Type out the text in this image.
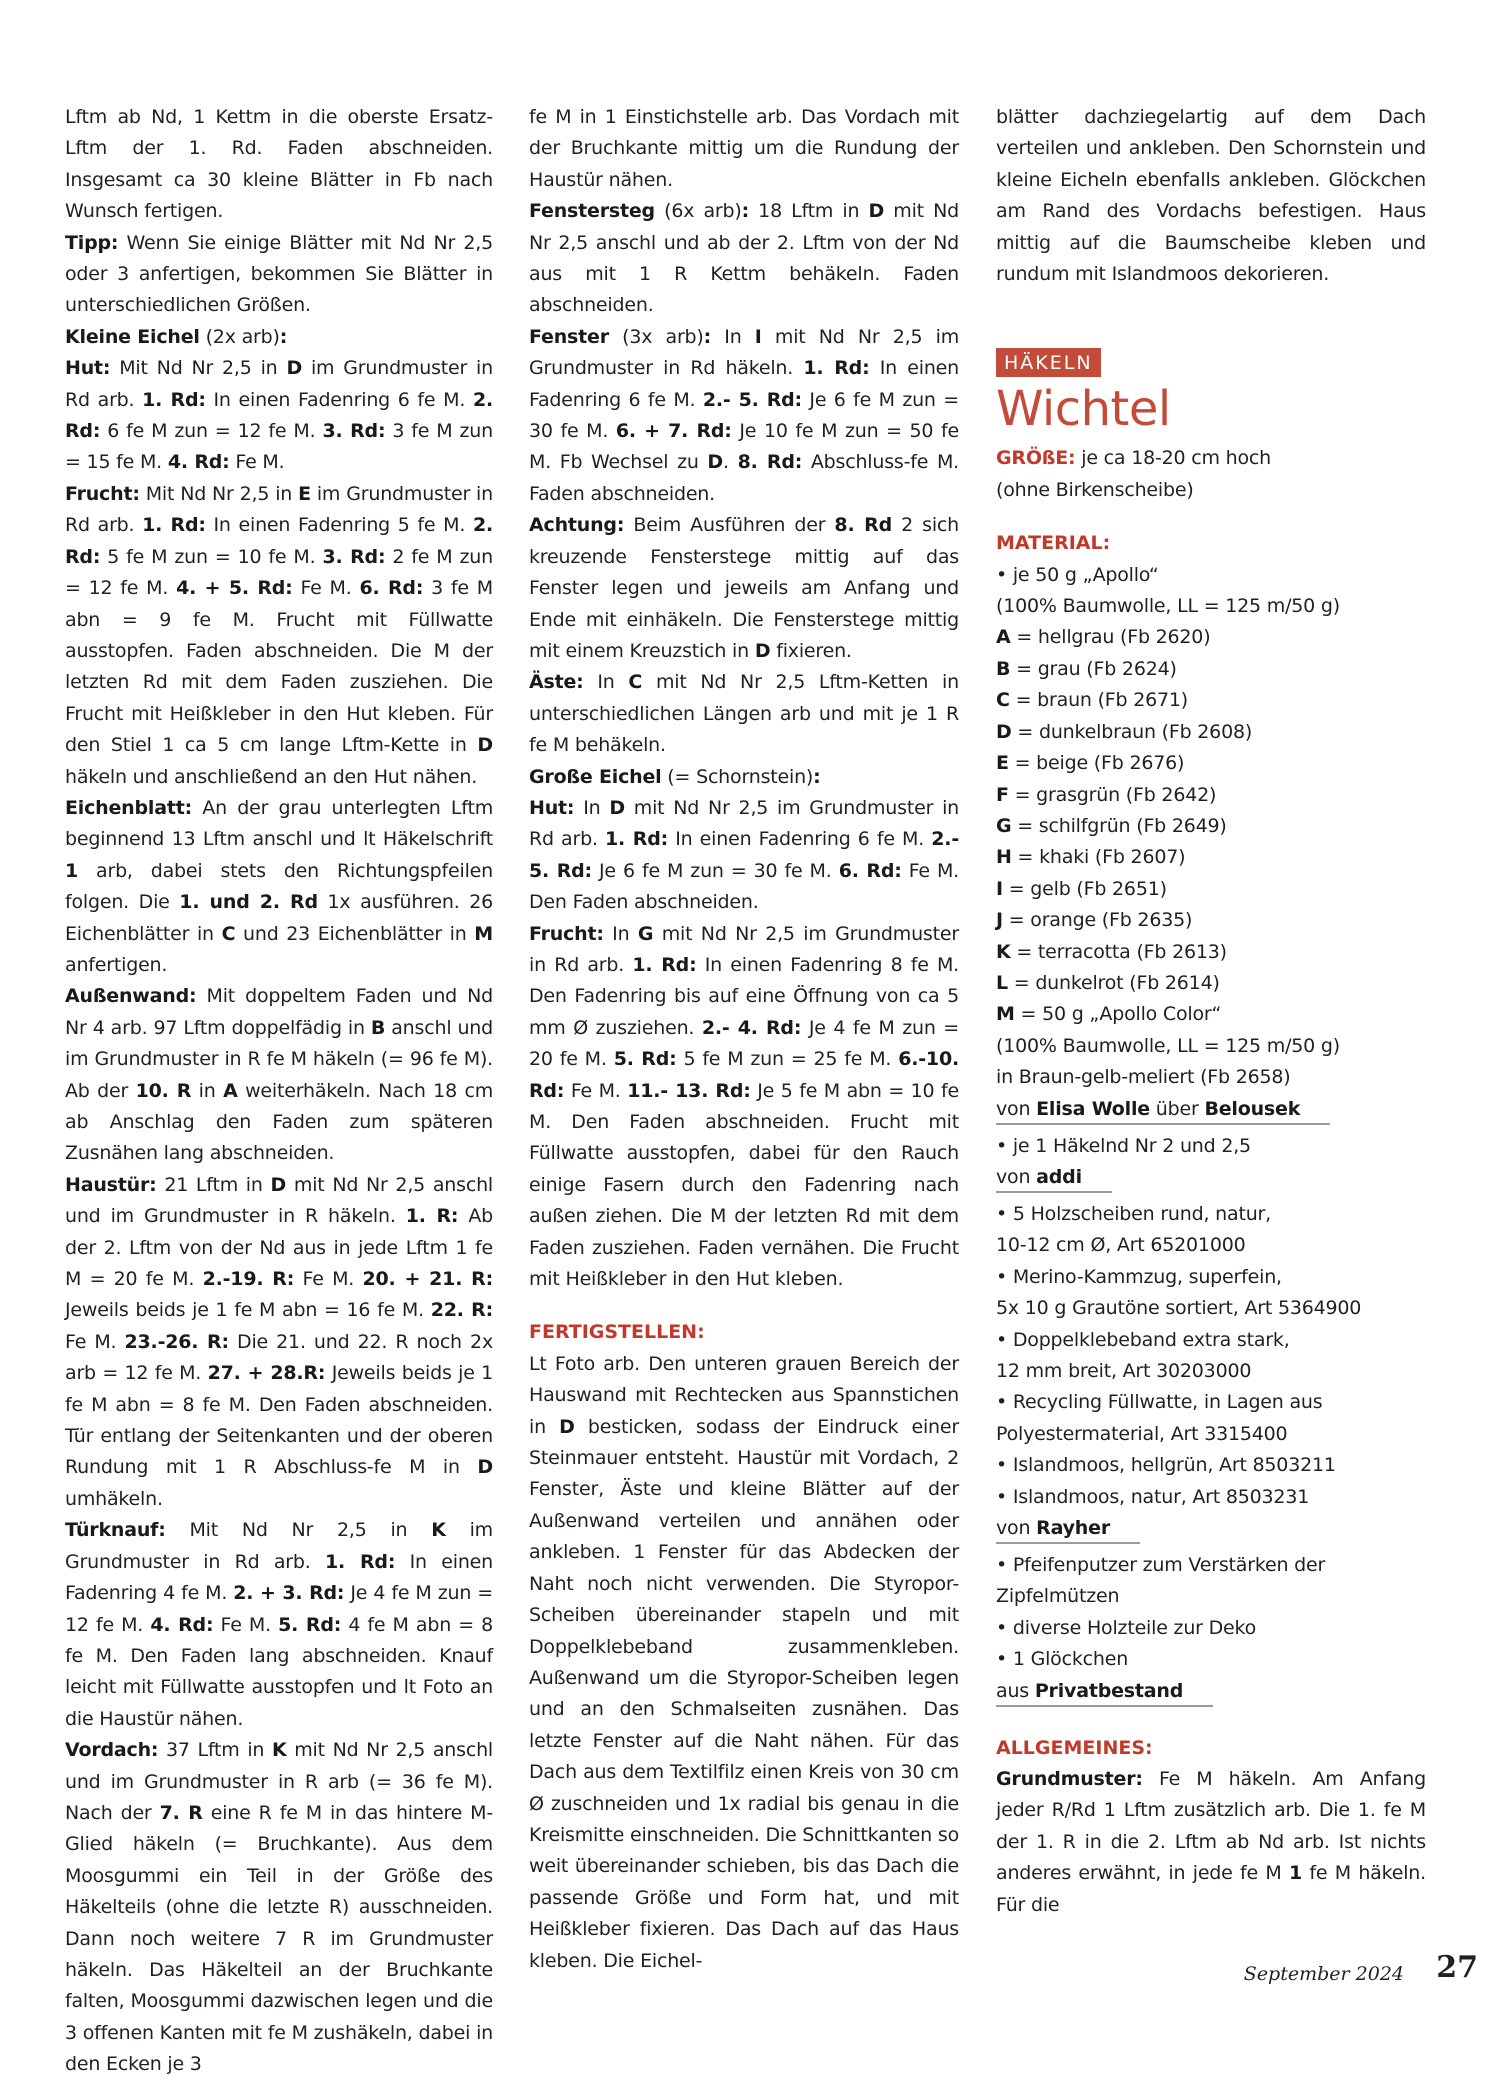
Lftm ab Nd, 1 Kettm in die oberste Ersatz-Lftm der 1. Rd. Faden abschneiden. Insgesamt ca 30 kleine Blätter in Fb nach Wunsch fertigen.

Tipp: Wenn Sie einige Blätter mit Nd Nr 2,5 oder 3 anfertigen, bekommen Sie Blätter in unterschiedlichen Größen.

Kleine Eichel (2x arb):

Hut: Mit Nd Nr 2,5 in D im Grundmuster in Rd arb. 1. Rd: In einen Fadenring 6 fe M. 2. Rd: 6 fe M zun = 12 fe M. 3. Rd: 3 fe M zun = 15 fe M. 4. Rd: Fe M.

Frucht: Mit Nd Nr 2,5 in E im Grundmuster in Rd arb. 1. Rd: In einen Fadenring 5 fe M. 2. Rd: 5 fe M zun = 10 fe M. 3. Rd: 2 fe M zun = 12 fe M. 4. + 5. Rd: Fe M. 6. Rd: 3 fe M abn = 9 fe M. Frucht mit Füllwatte ausstopfen. Faden abschneiden. Die M der letzten Rd mit dem Faden zusziehen. Die Frucht mit Heißkleber in den Hut kleben. Für den Stiel 1 ca 5 cm lange Lftm-Kette in D häkeln und anschließend an den Hut nähen.

Eichenblatt: An der grau unterlegten Lftm beginnend 13 Lftm anschl und lt Häkelschrift 1 arb, dabei stets den Richtungspfeilen folgen. Die 1. und 2. Rd 1x ausführen. 26 Eichenblätter in C und 23 Eichenblätter in M anfertigen.

Außenwand: Mit doppeltem Faden und Nd Nr 4 arb. 97 Lftm doppelfädig in B anschl und im Grundmuster in R fe M häkeln (= 96 fe M). Ab der 10. R in A weiterhäkeln. Nach 18 cm ab Anschlag den Faden zum späteren Zusnähen lang abschneiden.

Haustür: 21 Lftm in D mit Nd Nr 2,5 anschl und im Grundmuster in R häkeln. 1. R: Ab der 2. Lftm von der Nd aus in jede Lftm 1 fe M = 20 fe M. 2.-19. R: Fe M. 20. + 21. R: Jeweils beids je 1 fe M abn = 16 fe M. 22. R: Fe M. 23.-26. R: Die 21. und 22. R noch 2x arb = 12 fe M. 27. + 28.R: Jeweils beids je 1 fe M abn = 8 fe M. Den Faden abschneiden. Tür entlang der Seitenkanten und der oberen Rundung mit 1 R Abschluss-fe M in D umhäkeln.

Türknauf: Mit Nd Nr 2,5 in K im Grundmuster in Rd arb. 1. Rd: In einen Fadenring 4 fe M. 2. + 3. Rd: Je 4 fe M zun = 12 fe M. 4. Rd: Fe M. 5. Rd: 4 fe M abn = 8 fe M. Den Faden lang abschneiden. Knauf leicht mit Füllwatte ausstopfen und lt Foto an die Haustür nähen.

Vordach: 37 Lftm in K mit Nd Nr 2,5 anschl und im Grundmuster in R arb (= 36 fe M). Nach der 7. R eine R fe M in das hintere M-Glied häkeln (= Bruchkante). Aus dem Moosgummi ein Teil in der Größe des Häkelteils (ohne die letzte R) ausschneiden. Dann noch weitere 7 R im Grundmuster häkeln. Das Häkelteil an der Bruchkante falten, Moosgummi dazwischen legen und die 3 offenen Kanten mit fe M zushäkeln, dabei in den Ecken je 3

fe M in 1 Einstichstelle arb. Das Vordach mit der Bruchkante mittig um die Rundung der Haustür nähen.

Fenstersteg (6x arb): 18 Lftm in D mit Nd Nr 2,5 anschl und ab der 2. Lftm von der Nd aus mit 1 R Kettm behäkeln. Faden abschneiden.

Fenster (3x arb): In I mit Nd Nr 2,5 im Grundmuster in Rd häkeln. 1. Rd: In einen Fadenring 6 fe M. 2.- 5. Rd: Je 6 fe M zun = 30 fe M. 6. + 7. Rd: Je 10 fe M zun = 50 fe M. Fb Wechsel zu D. 8. Rd: Abschluss-fe M. Faden abschneiden.

Achtung: Beim Ausführen der 8. Rd 2 sich kreuzende Fensterstege mittig auf das Fenster legen und jeweils am Anfang und Ende mit einhäkeln. Die Fensterstege mittig mit einem Kreuzstich in D fixieren.

Äste: In C mit Nd Nr 2,5 Lftm-Ketten in unterschiedlichen Längen arb und mit je 1 R fe M behäkeln.

Große Eichel (= Schornstein):

Hut: In D mit Nd Nr 2,5 im Grundmuster in Rd arb. 1. Rd: In einen Fadenring 6 fe M. 2.- 5. Rd: Je 6 fe M zun = 30 fe M. 6. Rd: Fe M. Den Faden abschneiden.

Frucht: In G mit Nd Nr 2,5 im Grundmuster in Rd arb. 1. Rd: In einen Fadenring 8 fe M. Den Fadenring bis auf eine Öffnung von ca 5 mm Ø zusziehen. 2.- 4. Rd: Je 4 fe M zun = 20 fe M. 5. Rd: 5 fe M zun = 25 fe M. 6.-10. Rd: Fe M. 11.- 13. Rd: Je 5 fe M abn = 10 fe M. Den Faden abschneiden. Frucht mit Füllwatte ausstopfen, dabei für den Rauch einige Fasern durch den Fadenring nach außen ziehen. Die M der letzten Rd mit dem Faden zusziehen. Faden vernähen. Die Frucht mit Heißkleber in den Hut kleben.

FERTIGSTELLEN:

Lt Foto arb. Den unteren grauen Bereich der Hauswand mit Rechtecken aus Spannstichen in D besticken, sodass der Eindruck einer Steinmauer entsteht. Haustür mit Vordach, 2 Fenster, Äste und kleine Blätter auf der Außenwand verteilen und annähen oder ankleben. 1 Fenster für das Abdecken der Naht noch nicht verwenden. Die Styropor-Scheiben übereinander stapeln und mit Doppelklebeband zusammenkleben. Außenwand um die Styropor-Scheiben legen und an den Schmalseiten zusnähen. Das letzte Fenster auf die Naht nähen. Für das Dach aus dem Textilfilz einen Kreis von 30 cm Ø zuschneiden und 1x radial bis genau in die Kreismitte einschneiden. Die Schnittkanten so weit übereinander schieben, bis das Dach die passende Größe und Form hat, und mit Heißkleber fixieren. Das Dach auf das Haus kleben. Die Eichel-

blätter dachziegelartig auf dem Dach verteilen und ankleben. Den Schornstein und kleine Eicheln ebenfalls ankleben. Glöckchen am Rand des Vordachs befestigen. Haus mittig auf die Baumscheibe kleben und rundum mit Islandmoos dekorieren.

HÄKELN
Wichtel

GRÖßE: je ca 18-20 cm hoch

(ohne Birkenscheibe)

MATERIAL:

• je 50 g „Apollo“

(100% Baumwolle, LL = 125 m/50 g)

A = hellgrau (Fb 2620)

B = grau (Fb 2624)

C = braun (Fb 2671)

D = dunkelbraun (Fb 2608)

E = beige (Fb 2676)

F = grasgrün (Fb 2642)

G = schilfgrün (Fb 2649)

H = khaki (Fb 2607)

I = gelb (Fb 2651)

J = orange (Fb 2635)

K = terracotta (Fb 2613)

L = dunkelrot (Fb 2614)

M = 50 g „Apollo Color“

(100% Baumwolle, LL = 125 m/50 g)

in Braun-gelb-meliert (Fb 2658)

von Elisa Wolle über Belousek

• je 1 Häkelnd Nr 2 und 2,5

von addi

• 5 Holzscheiben rund, natur,

10-12 cm Ø, Art 65201000

• Merino-Kammzug, superfein,

5x 10 g Grautöne sortiert, Art 5364900

• Doppelklebeband extra stark,

12 mm breit, Art 30203000

• Recycling Füllwatte, in Lagen aus

Polyestermaterial, Art 3315400

• Islandmoos, hellgrün, Art 8503211

• Islandmoos, natur, Art 8503231

von Rayher

• Pfeifenputzer zum Verstärken der

Zipfelmützen

• diverse Holzteile zur Deko

• 1 Glöckchen

aus Privatbestand

ALLGEMEINES:

Grundmuster: Fe M häkeln. Am Anfang jeder R/Rd 1 Lftm zusätzlich arb. Die 1. fe M der 1. R in die 2. Lftm ab Nd arb. Ist nichts anderes erwähnt, in jede fe M 1 fe M häkeln. Für die

September 2024 27
